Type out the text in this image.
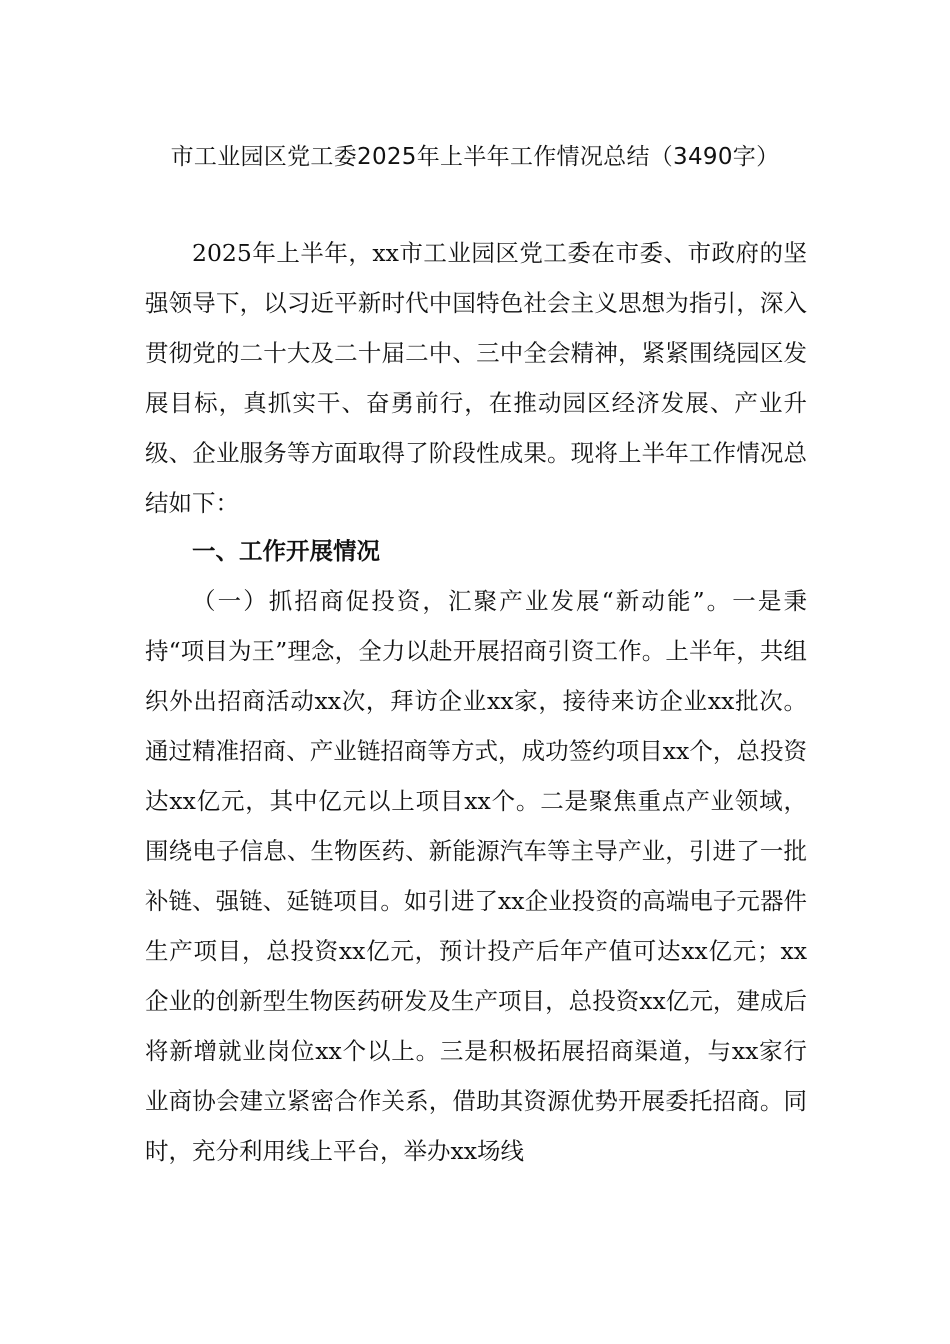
市工业园区党工委2025年上半年工作情况总结（3490字）

2025年上半年，xx市工业园区党工委在市委、市政府的坚强领导下，以习近平新时代中国特色社会主义思想为指引，深入贯彻党的二十大及二十届二中、三中全会精神，紧紧围绕园区发展目标，真抓实干、奋勇前行，在推动园区经济发展、产业升级、企业服务等方面取得了阶段性成果。现将上半年工作情况总结如下：

一、工作开展情况

（一）抓招商促投资，汇聚产业发展“新动能”。一是秉持“项目为王”理念，全力以赴开展招商引资工作。上半年，共组织外出招商活动xx次，拜访企业xx家，接待来访企业xx批次。通过精准招商、产业链招商等方式，成功签约项目xx个，总投资达xx亿元，其中亿元以上项目xx个。二是聚焦重点产业领域，围绕电子信息、生物医药、新能源汽车等主导产业，引进了一批补链、强链、延链项目。如引进了xx企业投资的高端电子元器件生产项目，总投资xx亿元，预计投产后年产值可达xx亿元；xx企业的创新型生物医药研发及生产项目，总投资xx亿元，建成后将新增就业岗位xx个以上。三是积极拓展招商渠道，与xx家行业商协会建立紧密合作关系，借助其资源优势开展委托招商。同时，充分利用线上平台，举办xx场线
